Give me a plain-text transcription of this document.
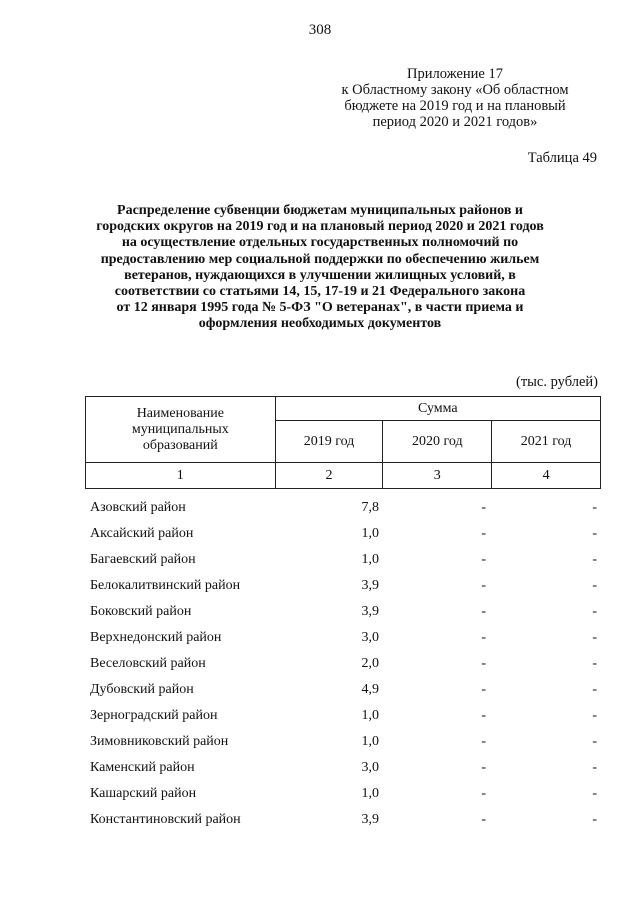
308
Приложение 17
к Областному закону «Об областном
бюджете на 2019 год и на плановый
период 2020 и 2021 годов»
Таблица 49
Распределение субвенции бюджетам муниципальных районов и
городских округов на 2019 год и на плановый период 2020 и 2021 годов
на осуществление отдельных государственных полномочий по
предоставлению мер социальной поддержки по обеспечению жильем
ветеранов, нуждающихся в улучшении жилищных условий, в
соответствии со статьями 14, 15, 17-19 и 21 Федерального закона
от 12 января 1995 года № 5-ФЗ "О ветеранах", в части приема и
оформления необходимых документов
(тыс. рублей)
Наименование
муниципальных
образований	Сумма		
	2019 год	2020 год	2021 год
1	2	3	4
Азовский район	7,8	-	-
Аксайский район	1,0	-	-
Багаевский район	1,0	-	-
Белокалитвинский район	3,9	-	-
Боковский район	3,9	-	-
Верхнедонский район	3,0	-	-
Веселовский район	2,0	-	-
Дубовский район	4,9	-	-
Зерноградский район	1,0	-	-
Зимовниковский район	1,0	-	-
Каменский район	3,0	-	-
Кашарский район	1,0	-	-
Константиновский район	3,9	-	-
